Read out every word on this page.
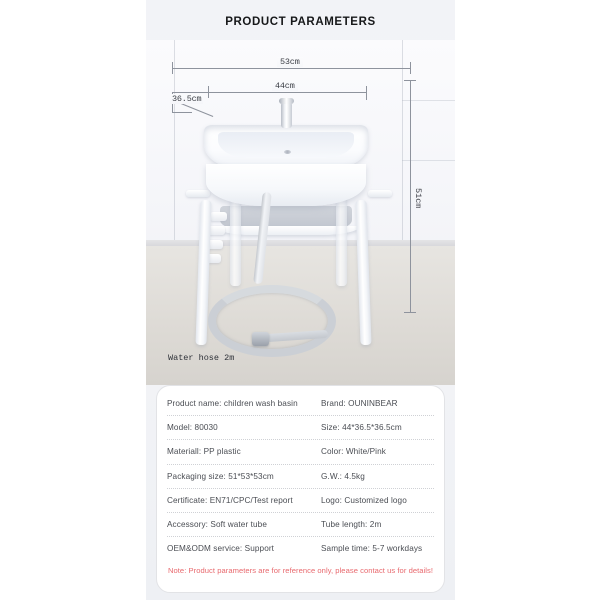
PRODUCT PARAMETERS
Water hose 2m
53cm
44cm
36.5cm
51cm
Product name: children wash basin	Brand: OUNINBEAR
Model: 80030	Size: 44*36.5*36.5cm
Materiall: PP plastic	Color: White/Pink
Packaging size: 51*53*53cm	G.W.: 4.5kg
Certificate: EN71/CPC/Test report	Logo: Customized logo
Accessory: Soft water tube	Tube length: 2m
OEM&ODM service: Support	Sample time: 5-7 workdays
Note: Product parameters are for reference only, please contact us for details!
